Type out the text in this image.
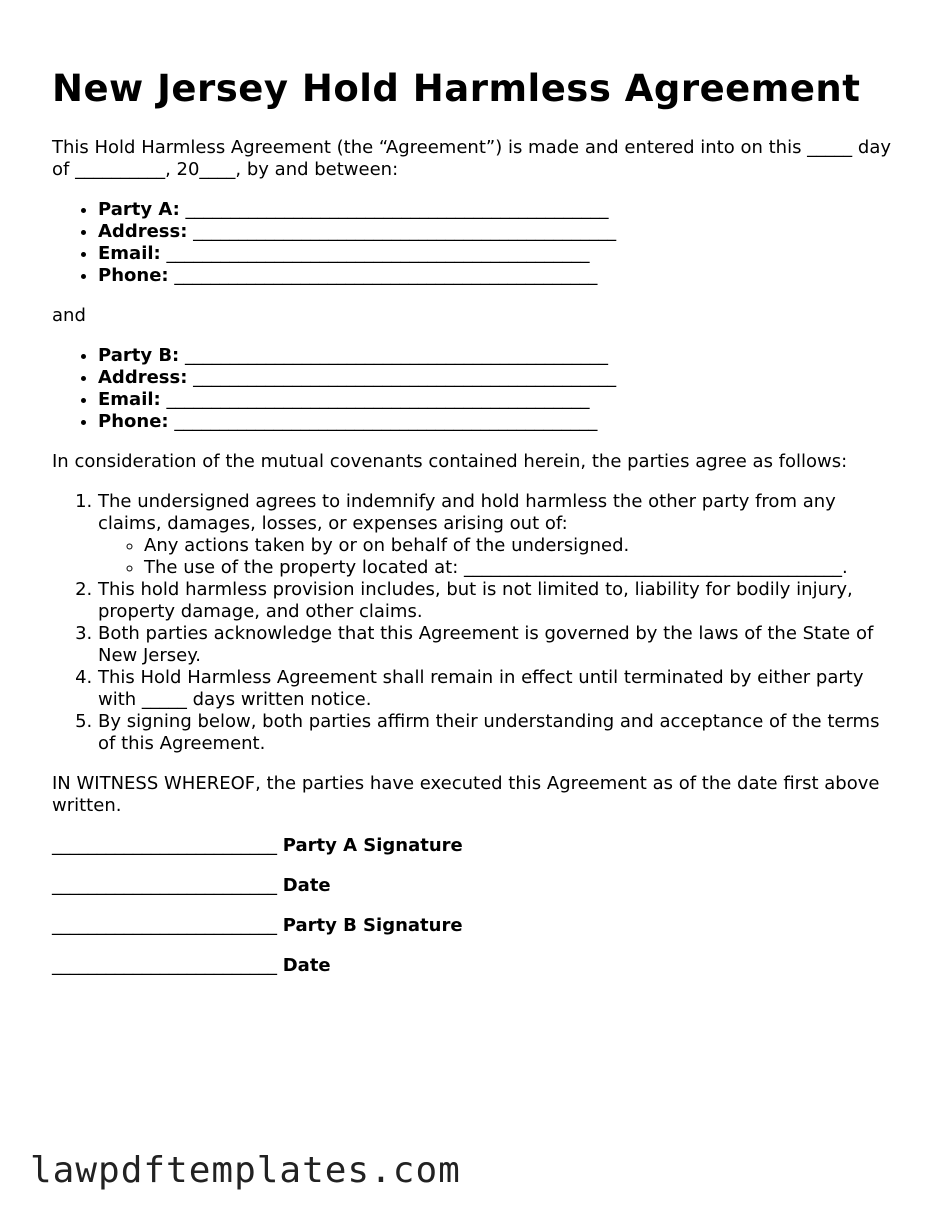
New Jersey Hold Harmless Agreement

This Hold Harmless Agreement (the “Agreement”) is made and entered into on this _____ day of __________, 20____, by and between:

• Party A: _______________________________________________
• Address: _______________________________________________
• Email: _______________________________________________
• Phone: _______________________________________________

and

• Party B: _______________________________________________
• Address: _______________________________________________
• Email: _______________________________________________
• Phone: _______________________________________________

In consideration of the mutual covenants contained herein, the parties agree as follows:

1. The undersigned agrees to indemnify and hold harmless the other party from any claims, damages, losses, or expenses arising out of:
◦ Any actions taken by or on behalf of the undersigned.
◦ The use of the property located at: __________________________________________.
2. This hold harmless provision includes, but is not limited to, liability for bodily injury, property damage, and other claims.
3. Both parties acknowledge that this Agreement is governed by the laws of the State of New Jersey.
4. This Hold Harmless Agreement shall remain in effect until terminated by either party with _____ days written notice.
5. By signing below, both parties affirm their understanding and acceptance of the terms of this Agreement.

IN WITNESS WHEREOF, the parties have executed this Agreement as of the date first above written.

_________________________ Party A Signature
_________________________ Date
_________________________ Party B Signature
_________________________ Date
lawpdftemplates.com
